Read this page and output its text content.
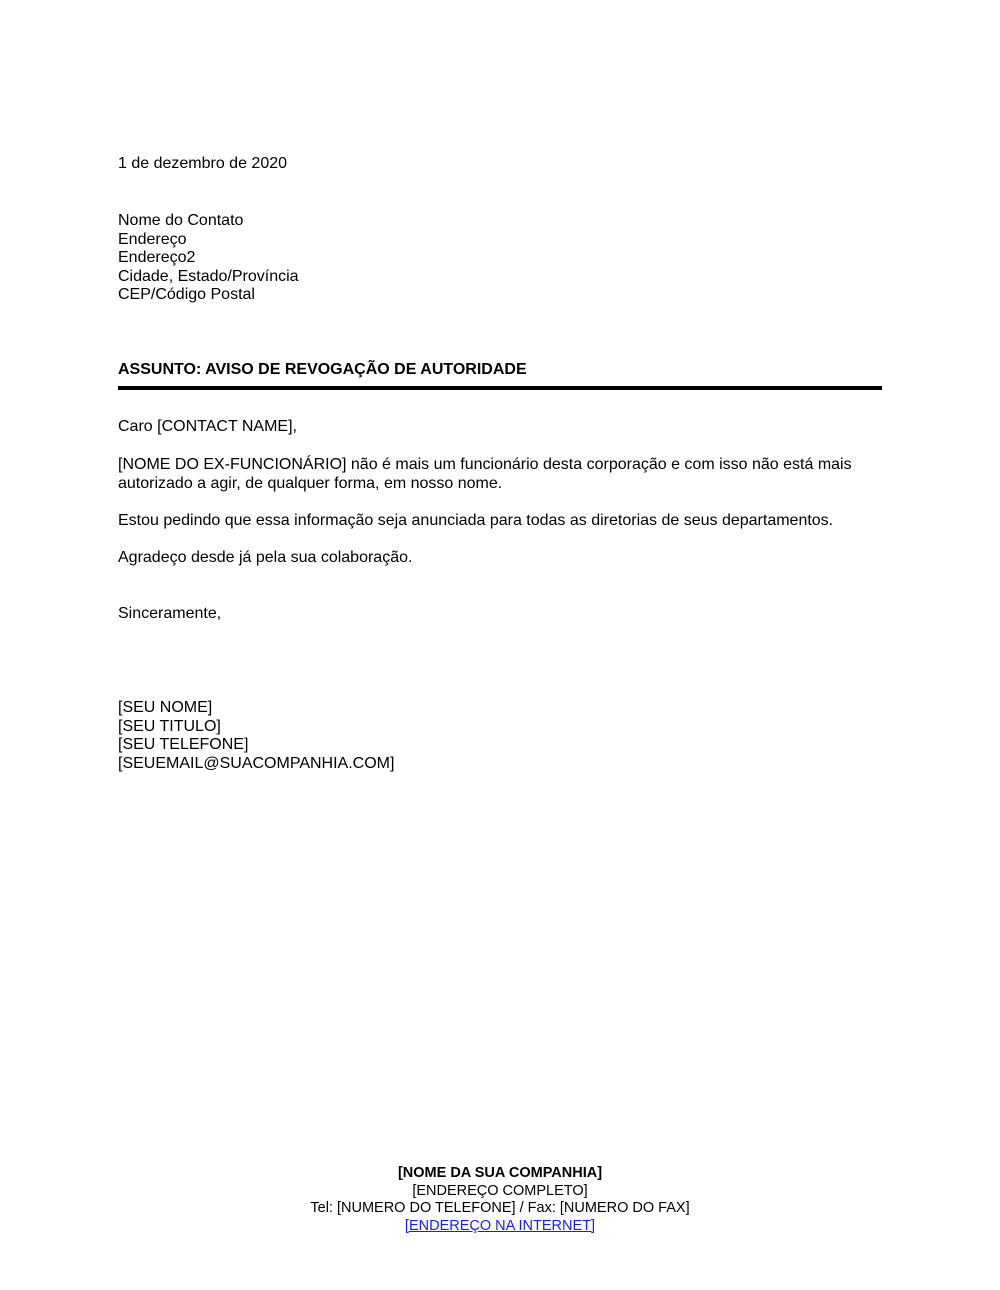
1 de dezembro de 2020
Nome do Contato
Endereço
Endereço2
Cidade, Estado/Província
CEP/Código Postal
ASSUNTO: AVISO DE REVOGAÇÃO DE AUTORIDADE
Caro [CONTACT NAME],
[NOME DO EX-FUNCIONÁRIO] não é mais um funcionário desta corporação e com isso não está mais autorizado a agir, de qualquer forma, em nosso nome.
Estou pedindo que essa informação seja anunciada para todas as diretorias de seus departamentos.
Agradeço desde já pela sua colaboração.
Sinceramente,
[SEU NOME]
[SEU TITULO]
[SEU TELEFONE]
[SEUEMAIL@SUACOMPANHIA.COM]
[NOME DA SUA COMPANHIA]
[ENDEREÇO COMPLETO]
Tel: [NUMERO DO TELEFONE] / Fax: [NUMERO DO FAX]
[ENDEREÇO NA INTERNET]
